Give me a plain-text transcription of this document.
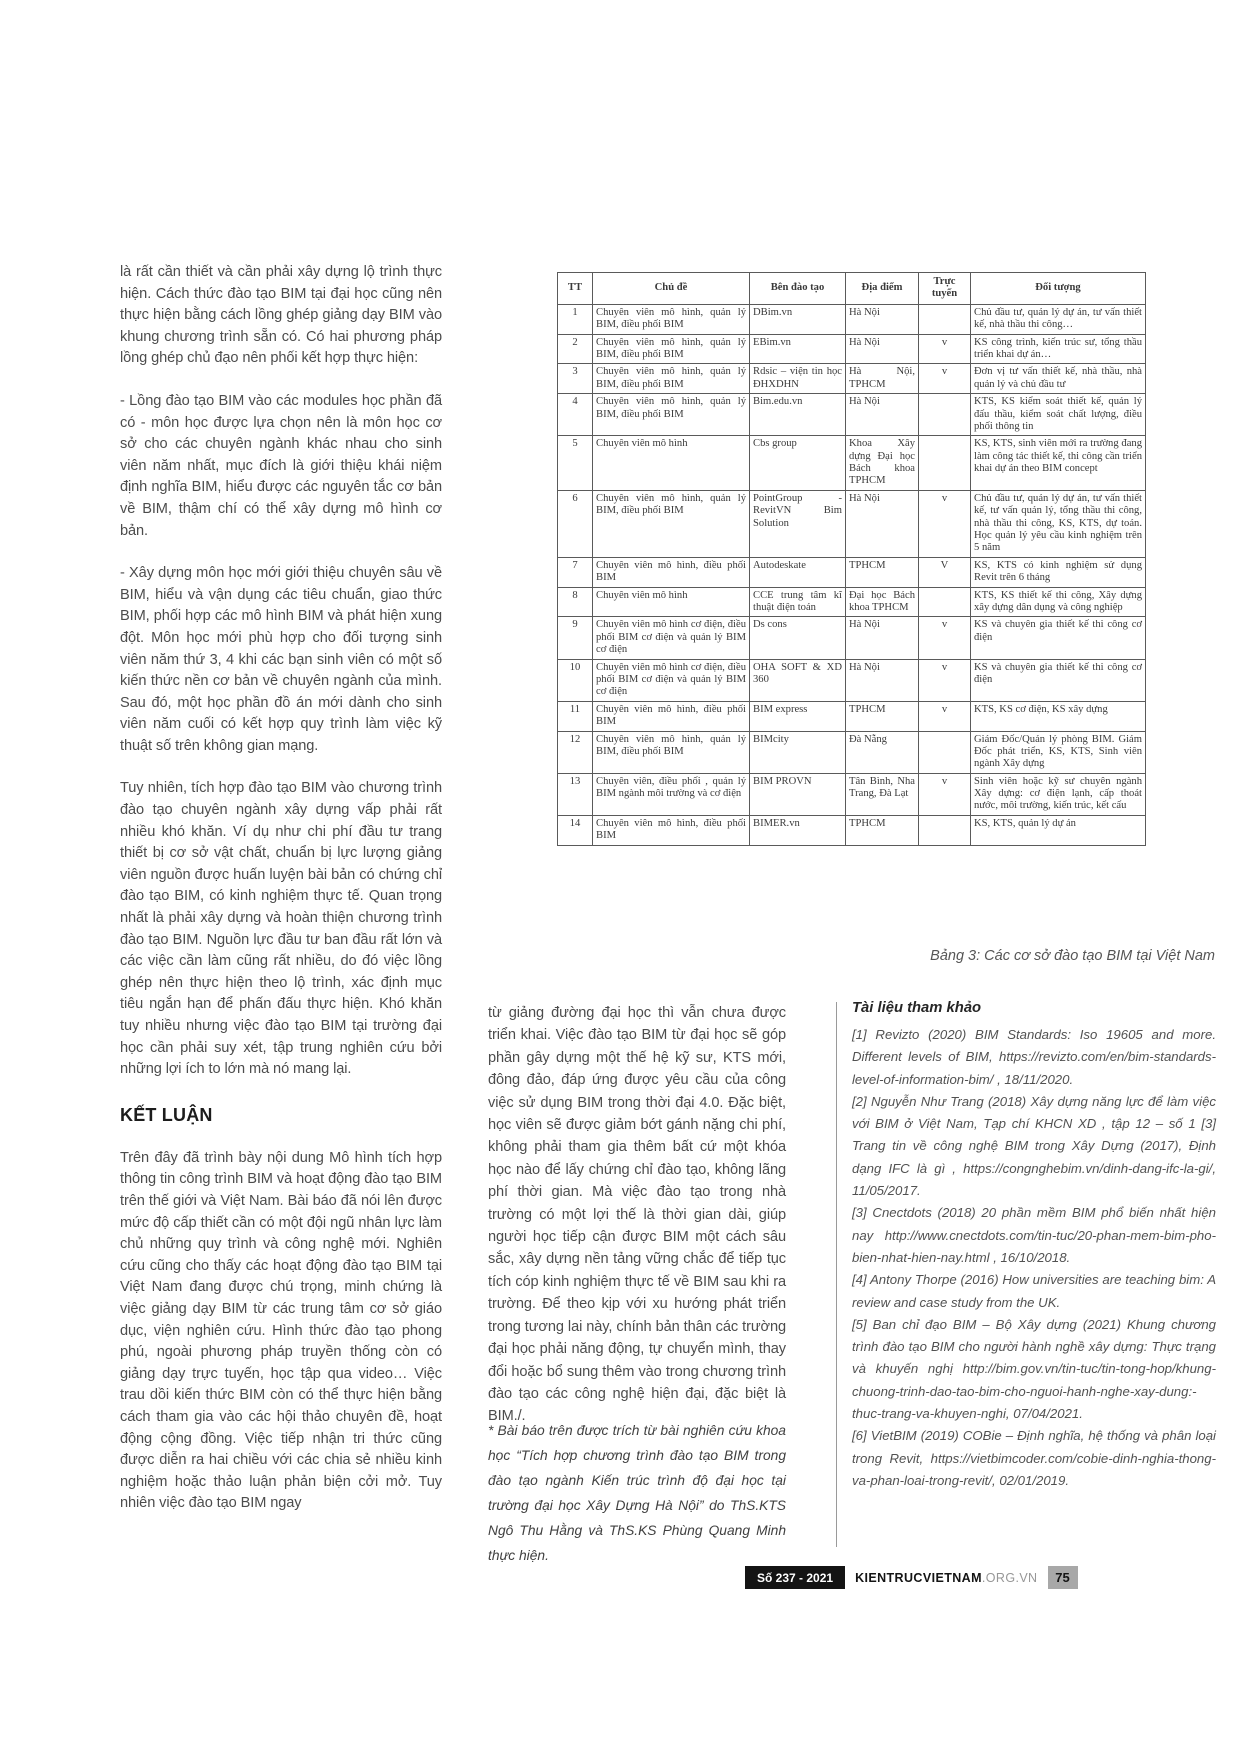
là rất cần thiết và cần phải xây dựng lộ trình thực hiện. Cách thức đào tạo BIM tại đại học cũng nên thực hiện bằng cách lồng ghép giảng dạy BIM vào khung chương trình sẵn có. Có hai phương pháp lồng ghép chủ đạo nên phối kết hợp thực hiện:

- Lồng đào tạo BIM vào các modules học phần đã có - môn học được lựa chọn nên là môn học cơ sở cho các chuyên ngành khác nhau cho sinh viên năm nhất, mục đích là giới thiệu khái niệm định nghĩa BIM, hiểu được các nguyên tắc cơ bản về BIM, thậm chí có thể xây dựng mô hình cơ bản.

- Xây dựng môn học mới giới thiệu chuyên sâu về BIM, hiểu và vận dụng các tiêu chuẩn, giao thức BIM, phối hợp các mô hình BIM và phát hiện xung đột. Môn học mới phù hợp cho đối tượng sinh viên năm thứ 3, 4 khi các bạn sinh viên có một số kiến thức nền cơ bản về chuyên ngành của mình. Sau đó, một học phần đồ án mới dành cho sinh viên năm cuối có kết hợp quy trình làm việc kỹ thuật số trên không gian mạng.

Tuy nhiên, tích hợp đào tạo BIM vào chương trình đào tạo chuyên ngành xây dựng vấp phải rất nhiều khó khăn. Ví dụ như chi phí đầu tư trang thiết bị cơ sở vật chất, chuẩn bị lực lượng giảng viên nguồn được huấn luyện bài bản có chứng chỉ đào tạo BIM, có kinh nghiệm thực tế. Quan trọng nhất là phải xây dựng và hoàn thiện chương trình đào tạo BIM. Nguồn lực đầu tư ban đầu rất lớn và các việc cần làm cũng rất nhiều, do đó việc lồng ghép nên thực hiện theo lộ trình, xác định mục tiêu ngắn hạn để phấn đấu thực hiện. Khó khăn tuy nhiều nhưng việc đào tạo BIM tại trường đại học cần phải suy xét, tập trung nghiên cứu bởi những lợi ích to lớn mà nó mang lại.

KẾT LUẬN

Trên đây đã trình bày nội dung Mô hình tích hợp thông tin công trình BIM và hoạt động đào tạo BIM trên thế giới và Việt Nam. Bài báo đã nói lên được mức độ cấp thiết cần có một đội ngũ nhân lực làm chủ những quy trình và công nghệ mới. Nghiên cứu cũng cho thấy các hoạt động đào tạo BIM tại Việt Nam đang được chú trọng, minh chứng là việc giảng dạy BIM từ các trung tâm cơ sở giáo dục, viện nghiên cứu. Hình thức đào tạo phong phú, ngoài phương pháp truyền thống còn có giảng dạy trực tuyến, học tập qua video… Việc trau dồi kiến thức BIM còn có thể thực hiện bằng cách tham gia vào các hội thảo chuyên đề, hoạt động cộng đồng. Việc tiếp nhận tri thức cũng được diễn ra hai chiều với các chia sẻ nhiều kinh nghiệm hoặc thảo luận phản biện cởi mở. Tuy nhiên việc đào tạo BIM ngay

TT	Chủ đề	Bên đào tạo	Địa điểm	Trực tuyến	Đối tượng
1	Chuyên viên mô hình, quản lý BIM, điều phối BIM	DBim.vn	Hà Nội		Chủ đầu tư, quản lý dự án, tư vấn thiết kế, nhà thầu thi công…
2	Chuyên viên mô hình, quản lý BIM, điều phối BIM	EBim.vn	Hà Nội	v	KS công trình, kiến trúc sư, tổng thầu triển khai dự án…
3	Chuyên viên mô hình, quản lý BIM, điều phối BIM	Rdsic – viện tin học ĐHXDHN	Hà Nội, TPHCM	v	Đơn vị tư vấn thiết kế, nhà thầu, nhà quản lý và chủ đầu tư
4	Chuyên viên mô hình, quản lý BIM, điều phối BIM	Bim.edu.vn	Hà Nội		KTS, KS kiểm soát thiết kế, quản lý đấu thầu, kiểm soát chất lượng, điều phối thông tin
5	Chuyên viên mô hình	Cbs group	Khoa Xây dựng Đại học Bách khoa TPHCM		KS, KTS, sinh viên mới ra trường đang làm công tác thiết kế, thi công cần triển khai dự án theo BIM concept
6	Chuyên viên mô hình, quản lý BIM, điều phối BIM	PointGroup - RevitVN Bim Solution	Hà Nội	v	Chủ đầu tư, quản lý dự án, tư vấn thiết kế, tư vấn quản lý, tổng thầu thi công, nhà thầu thi công, KS, KTS, dự toán. Học quản lý yêu cầu kinh nghiệm trên 5 năm
7	Chuyên viên mô hình, điều phối BIM	Autodeskate	TPHCM	V	KS, KTS có kinh nghiệm sử dụng Revit trên 6 tháng
8	Chuyên viên mô hình	CCE trung tâm kĩ thuật điện toán	Đại học Bách khoa TPHCM		KTS, KS thiết kế thi công, Xây dựng xây dựng dân dụng và công nghiệp
9	Chuyên viên mô hình cơ điện, điều phối BIM cơ điện và quản lý BIM cơ điện	Ds cons	Hà Nội	v	KS và chuyên gia thiết kế thi công cơ điện
10	Chuyên viên mô hình cơ điện, điều phối BIM cơ điện và quản lý BIM cơ điện	OHA SOFT & XD 360	Hà Nội	v	KS và chuyên gia thiết kế thi công cơ điện
11	Chuyên viên mô hình, điều phối BIM	BIM express	TPHCM	v	KTS, KS cơ điện, KS xây dựng
12	Chuyên viên mô hình, quản lý BIM, điều phối BIM	BIMcity	Đà Nẵng		Giám Đốc/Quản lý phòng BIM. Giám Đốc phát triển, KS, KTS, Sinh viên ngành Xây dựng
13	Chuyên viên, điều phối , quản lý BIM ngành môi trường và cơ điện	BIM PROVN	Tân Bình, Nha Trang, Đà Lạt	v	Sinh viên hoặc kỹ sư chuyên ngành Xây dựng: cơ điện lạnh, cấp thoát nước, môi trường, kiến trúc, kết cấu
14	Chuyên viên mô hình, điều phối BIM	BIMER.vn	TPHCM		KS, KTS, quản lý dự án
Bảng 3: Các cơ sở đào tạo BIM tại Việt Nam

từ giảng đường đại học thì vẫn chưa được triển khai. Việc đào tạo BIM từ đại học sẽ góp phần gây dựng một thế hệ kỹ sư, KTS mới, đông đảo, đáp ứng được yêu cầu của công việc sử dụng BIM trong thời đại 4.0. Đặc biệt, học viên sẽ được giảm bớt gánh nặng chi phí, không phải tham gia thêm bất cứ một khóa học nào để lấy chứng chỉ đào tạo, không lãng phí thời gian. Mà việc đào tạo trong nhà trường có một lợi thế là thời gian dài, giúp người học tiếp cận được BIM một cách sâu sắc, xây dựng nền tảng vững chắc để tiếp tục tích cóp kinh nghiệm thực tế về BIM sau khi ra trường. Để theo kịp với xu hướng phát triển trong tương lai này, chính bản thân các trường đại học phải năng động, tự chuyển mình, thay đổi hoặc bổ sung thêm vào trong chương trình đào tạo các công nghệ hiện đại, đặc biệt là BIM./.

* Bài báo trên được trích từ bài nghiên cứu khoa học “Tích hợp chương trình đào tạo BIM trong đào tạo ngành Kiến trúc trình độ đại học tại trường đại học Xây Dựng Hà Nội” do ThS.KTS Ngô Thu Hằng và ThS.KS Phùng Quang Minh thực hiện.
Tài liệu tham khảo

[1] Revizto (2020) BIM Standards: Iso 19605 and more. Different levels of BIM, https://revizto.com/en/bim-standards-level-of-information-bim/ , 18/11/2020.

[2] Nguyễn Như Trang (2018) Xây dựng năng lực để làm việc với BIM ở Việt Nam, Tạp chí KHCN XD , tập 12 – số 1 [3] Trang tin về công nghệ BIM trong Xây Dựng (2017), Định dạng IFC là gì , https://congnghebim.vn/dinh-dang-ifc-la-gi/, 11/05/2017.

[3] Cnectdots (2018) 20 phần mềm BIM phổ biến nhất hiện nay http://www.cnectdots.com/tin-tuc/20-phan-mem-bim-pho-bien-nhat-hien-nay.html , 16/10/2018.

[4] Antony Thorpe (2016) How universities are teaching bim: A review and case study from the UK.

[5] Ban chỉ đạo BIM – Bộ Xây dựng (2021) Khung chương trình đào tạo BIM cho người hành nghề xây dựng: Thực trạng và khuyến nghị http://bim.gov.vn/tin-tuc/tin-tong-hop/khung-chuong-trinh-dao-tao-bim-cho-nguoi-hanh-nghe-xay-dung:-thuc-trang-va-khuyen-nghi, 07/04/2021.

[6] VietBIM (2019) COBie – Định nghĩa, hệ thống và phân loại trong Revit, https://vietbimcoder.com/cobie-dinh-nghia-thong-va-phan-loai-trong-revit/, 02/01/2019.

Số 237 - 2021	KIENTRUCVIETNAM .ORG.VN	75
